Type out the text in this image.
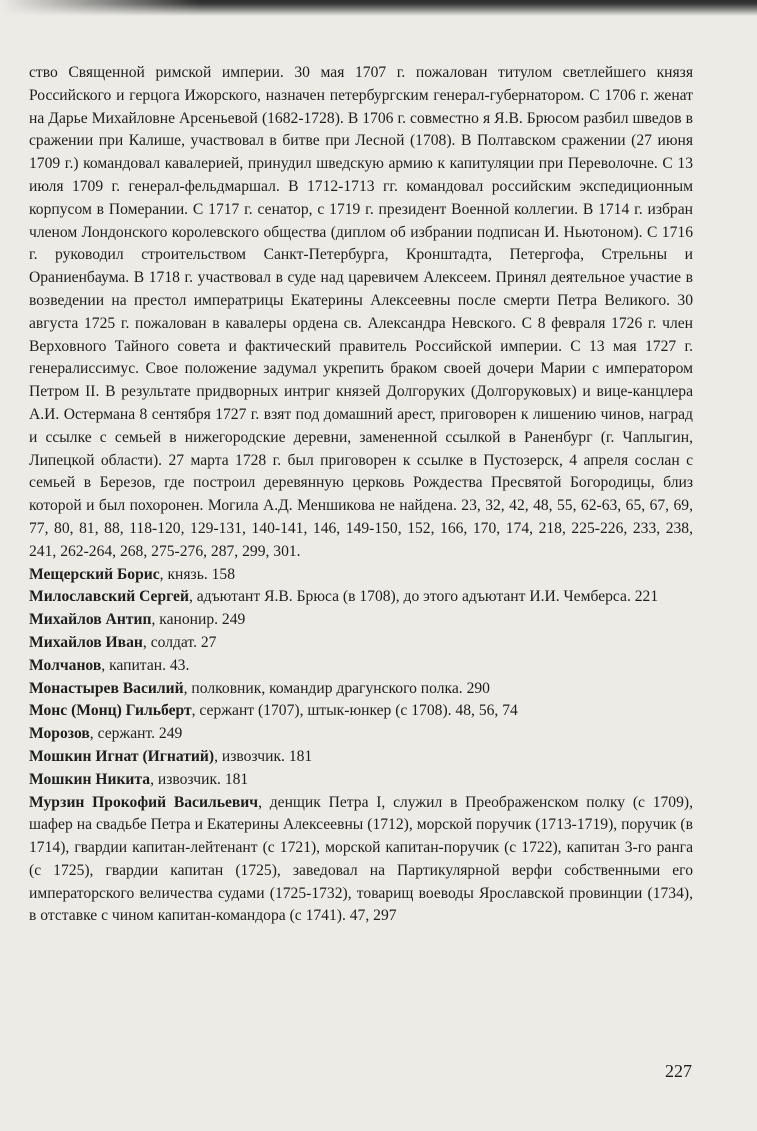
ство Священной римской империи. 30 мая 1707 г. пожалован титулом светлейшего князя Российского и герцога Ижорского, назначен петербургским генерал-губернатором. С 1706 г. женат на Дарье Михайловне Арсеньевой (1682-1728). В 1706 г. совместно я Я.В. Брюсом разбил шведов в сражении при Калише, участвовал в битве при Лесной (1708). В Полтавском сражении (27 июня 1709 г.) командовал кавалерией, принудил шведскую армию к капитуляции при Переволочне. С 13 июля 1709 г. генерал-фельдмаршал. В 1712-1713 гг. командовал российским экспедиционным корпусом в Померании. С 1717 г. сенатор, с 1719 г. президент Военной коллегии. В 1714 г. избран членом Лондонского королевского общества (диплом об избрании подписан И. Ньютоном). С 1716 г. руководил строительством Санкт-Петербурга, Кронштадта, Петергофа, Стрельны и Ораниенбаума. В 1718 г. участвовал в суде над царевичем Алексеем. Принял деятельное участие в возведении на престол императрицы Екатерины Алексеевны после смерти Петра Великого. 30 августа 1725 г. пожалован в кавалеры ордена св. Александра Невского. С 8 февраля 1726 г. член Верховного Тайного совета и фактический правитель Российской империи. С 13 мая 1727 г. генералиссимус. Свое положение задумал укрепить браком своей дочери Марии с императором Петром II. В результате придворных интриг князей Долгоруких (Долгоруковых) и вице-канцлера А.И. Остермана 8 сентября 1727 г. взят под домашний арест, приговорен к лишению чинов, наград и ссылке с семьей в нижегородские деревни, замененной ссылкой в Раненбург (г. Чаплыгин, Липецкой области). 27 марта 1728 г. был приговорен к ссылке в Пустозерск, 4 апреля сослан с семьей в Березов, где построил деревянную церковь Рождества Пресвятой Богородицы, близ которой и был похоронен. Могила А.Д. Меншикова не найдена. 23, 32, 42, 48, 55, 62-63, 65, 67, 69, 77, 80, 81, 88, 118-120, 129-131, 140-141, 146, 149-150, 152, 166, 170, 174, 218, 225-226, 233, 238, 241, 262-264, 268, 275-276, 287, 299, 301.

Мещерский Борис, князь. 158

Милославский Сергей, адъютант Я.В. Брюса (в 1708), до этого адъютант И.И. Чемберса. 221

Михайлов Антип, канонир. 249

Михайлов Иван, солдат. 27

Молчанов, капитан. 43.

Монастырев Василий, полковник, командир драгунского полка. 290

Монс (Монц) Гильберт, сержант (1707), штык-юнкер (с 1708). 48, 56, 74

Морозов, сержант. 249

Мошкин Игнат (Игнатий), извозчик. 181

Мошкин Никита, извозчик. 181

Мурзин Прокофий Васильевич, денщик Петра I, служил в Преображенском полку (с 1709), шафер на свадьбе Петра и Екатерины Алексеевны (1712), морской поручик (1713-1719), поручик (в 1714), гвардии капитан-лейтенант (с 1721), морской капитан-поручик (с 1722), капитан 3-го ранга (с 1725), гвардии капитан (1725), заведовал на Партикулярной верфи собственными его императорского величества судами (1725-1732), товарищ воеводы Ярославской провинции (1734), в отставке с чином капитан-командора (с 1741). 47, 297

227
